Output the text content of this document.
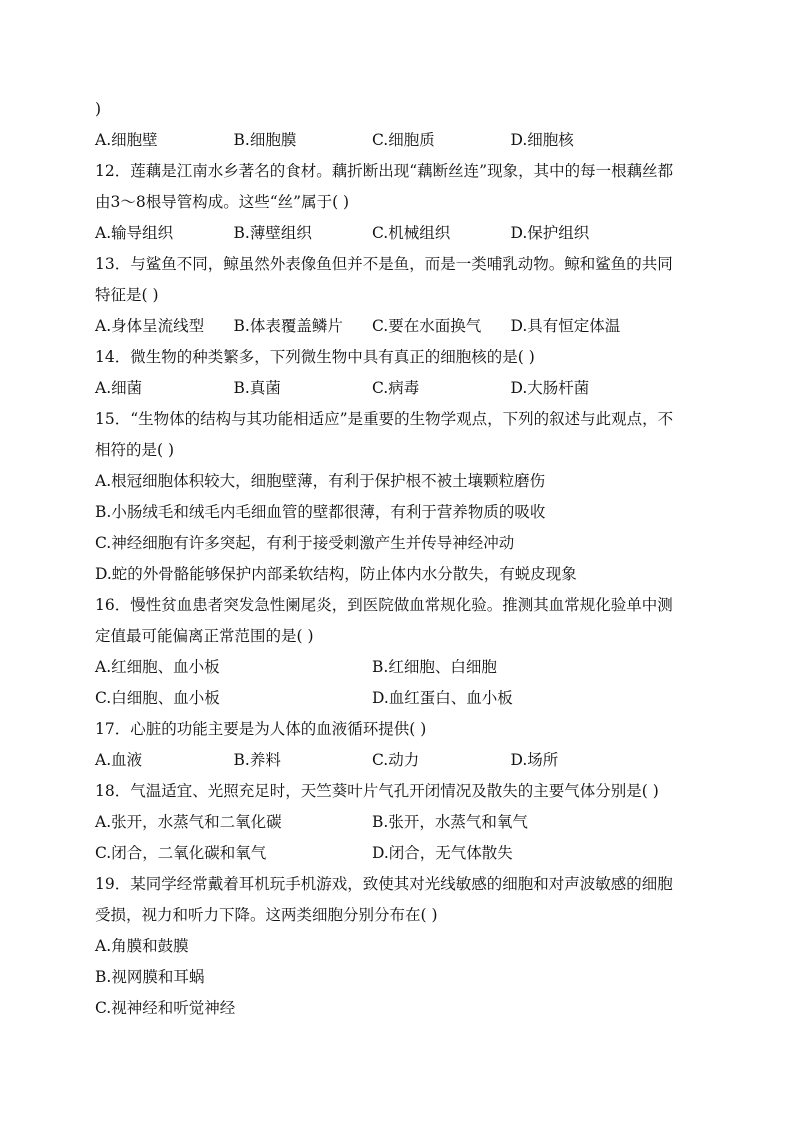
)
A.细胞壁	B.细胞膜	C.细胞质	D.细胞核
12．莲藕是江南水乡著名的食材。藕折断出现“藕断丝连”现象，其中的每一根藕丝都
由3～8根导管构成。这些“丝”属于( )
A.输导组织	B.薄壁组织	C.机械组织	D.保护组织
13．与鲨鱼不同，鲸虽然外表像鱼但并不是鱼，而是一类哺乳动物。鲸和鲨鱼的共同
特征是( )
A.身体呈流线型	B.体表覆盖鳞片	C.要在水面换气	D.具有恒定体温
14．微生物的种类繁多，下列微生物中具有真正的细胞核的是( )
A.细菌	B.真菌	C.病毒	D.大肠杆菌
15．“生物体的结构与其功能相适应”是重要的生物学观点，下列的叙述与此观点，不
相符的是( )
A.根冠细胞体积较大，细胞壁薄，有利于保护根不被土壤颗粒磨伤
B.小肠绒毛和绒毛内毛细血管的壁都很薄，有利于营养物质的吸收
C.神经细胞有许多突起，有利于接受刺激产生并传导神经冲动
D.蛇的外骨骼能够保护内部柔软结构，防止体内水分散失，有蜕皮现象
16．慢性贫血患者突发急性阑尾炎，到医院做血常规化验。推测其血常规化验单中测
定值最可能偏离正常范围的是( )
A.红细胞、血小板	B.红细胞、白细胞
C.白细胞、血小板	D.血红蛋白、血小板
17．心脏的功能主要是为人体的血液循环提供( )
A.血液	B.养料	C.动力	D.场所
18．气温适宜、光照充足时，天竺葵叶片气孔开闭情况及散失的主要气体分别是( )
A.张开，水蒸气和二氧化碳	B.张开，水蒸气和氧气
C.闭合，二氧化碳和氧气	D.闭合，无气体散失
19．某同学经常戴着耳机玩手机游戏，致使其对光线敏感的细胞和对声波敏感的细胞
受损，视力和听力下降。这两类细胞分别分布在( )
A.角膜和鼓膜
B.视网膜和耳蜗
C.视神经和听觉神经
